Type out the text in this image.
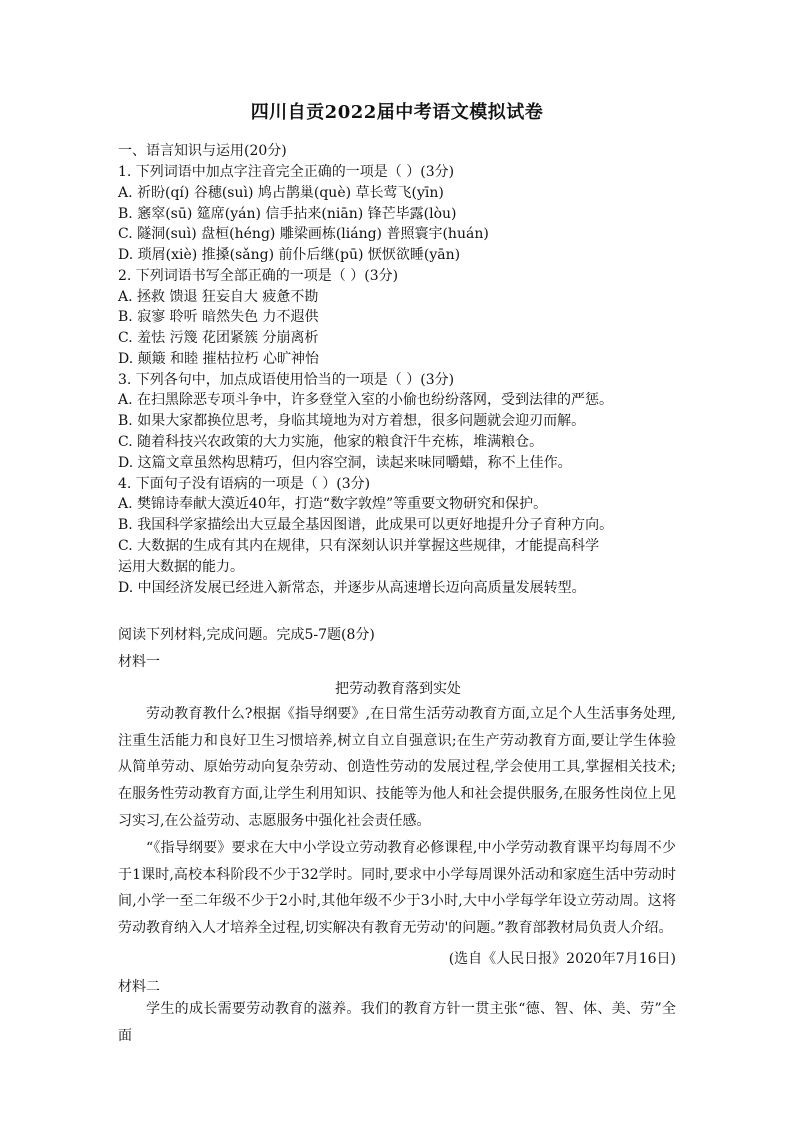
四川自贡2022届中考语文模拟试卷
一、语言知识与运用(20分)
1. 下列词语中加点字注音完全正确的一项是（ ）(3分)
A. 祈盼(qí) 谷穗(suì) 鸠占鹊巢(què) 草长莺飞(yīn)
B. 窸窣(sū) 筵席(yán) 信手拈来(niān) 锋芒毕露(lòu)
C. 隧洞(suì) 盘桓(héng) 雕梁画栋(liáng) 普照寰宇(huán)
D. 琐屑(xiè) 推搡(sǎng) 前仆后继(pū) 恹恹欲睡(yān)
2. 下列词语书写全部正确的一项是（ ）(3分)
A. 拯救 馈退 狂妄自大 疲惫不勘
B. 寂寥 聆听 暗然失色 力不遐供
C. 羞怯 污篾 花团紧簇 分崩离析
D. 颠簸 和睦 摧枯拉朽 心旷神怡
3. 下列各句中，加点成语使用恰当的一项是（ ）(3分)
A. 在扫黑除恶专项斗争中，许多登堂入室的小偷也纷纷落网，受到法律的严惩。
B. 如果大家都换位思考，身临其境地为对方着想，很多问题就会迎刃而解。
C. 随着科技兴农政策的大力实施，他家的粮食汗牛充栋，堆满粮仓。
D. 这篇文章虽然构思精巧，但内容空洞，读起来味同嚼蜡，称不上佳作。
4. 下面句子没有语病的一项是（ ）(3分)
A. 樊锦诗奉献大漠近40年，打造“数字敦煌”等重要文物研究和保护。
B. 我国科学家描绘出大豆最全基因图谱，此成果可以更好地提升分子育种方向。
C. 大数据的生成有其内在规律，只有深刻认识并掌握这些规律，才能提高科学
运用大数据的能力。
D. 中国经济发展已经进入新常态，并逐步从高速增长迈向高质量发展转型。
阅读下列材料,完成问题。完成5-7题(8分)
材料一
把劳动教育落到实处
劳动教育教什么?根据《指导纲要》,在日常生活劳动教育方面,立足个人生活事务处理,注重生活能力和良好卫生习惯培养,树立自立自强意识;在生产劳动教育方面,要让学生体验从简单劳动、原始劳动向复杂劳动、创造性劳动的发展过程,学会使用工具,掌握相关技术;在服务性劳动教育方面,让学生利用知识、技能等为他人和社会提供服务,在服务性岗位上见习实习,在公益劳动、志愿服务中强化社会责任感。
“《指导纲要》要求在大中小学设立劳动教育必修课程,中小学劳动教育课平均每周不少于1课时,高校本科阶段不少于32学时。同时,要求中小学每周课外活动和家庭生活中劳动时间,小学一至二年级不少于2小时,其他年级不少于3小时,大中小学每学年设立劳动周。这将劳动教育纳入人才培养全过程,切实解决有教育无劳动'的问题。”教育部教材局负责人介绍。
(选自《人民日报》2020年7月16日)
材料二
学生的成长需要劳动教育的滋养。我们的教育方针一贯主张“德、智、体、美、劳”全面
